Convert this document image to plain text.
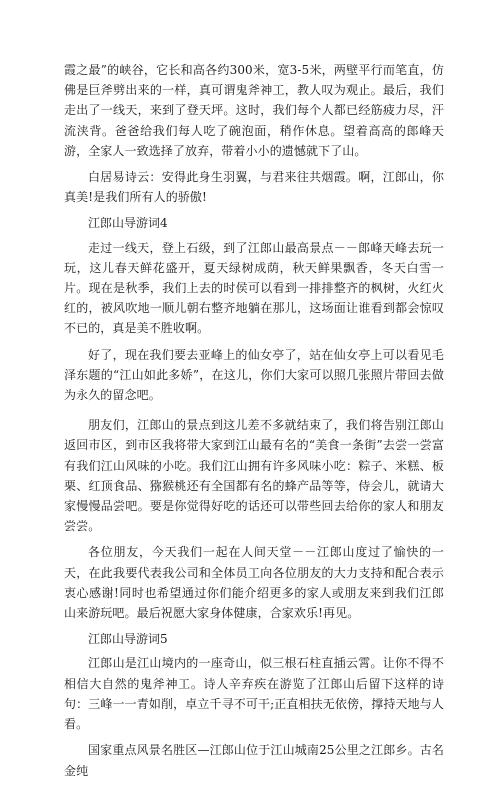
霞之最”的峡谷，它长和高各约300米，宽3-5米，两壁平行而笔直，仿佛是巨斧劈出来的一样，真可谓鬼斧神工，教人叹为观止。最后，我们走出了一线天，来到了登天坪。这时，我们每个人都已经筋疲力尽，汗流浃背。爸爸给我们每人吃了碗泡面，稍作休息。望着高高的郎峰天游，全家人一致选择了放弃，带着小小的遗憾就下了山。

白居易诗云：安得此身生羽翼，与君来往共烟霞。啊，江郎山，你真美!是我们所有人的骄傲!

江郎山导游词4

走过一线天，登上石级，到了江郎山最高景点－－郎峰天峰去玩一玩，这儿春天鲜花盛开，夏天绿树成荫，秋天鲜果飘香，冬天白雪一片。现在是秋季，我们上去的时侯可以看到一排排整齐的枫树，火红火红的，被风吹地一顺儿朝右整齐地躺在那儿，这场面让谁看到都会惊叹不已的，真是美不胜收啊。

好了，现在我们要去亚峰上的仙女亭了，站在仙女亭上可以看见毛泽东题的“江山如此多娇”，在这儿，你们大家可以照几张照片带回去做为永久的留念吧。

朋友们，江郎山的景点到这儿差不多就结束了，我们将告别江郎山返回市区，到市区我将带大家到江山最有名的“美食一条街”去尝一尝富有我们江山风味的小吃。我们江山拥有许多风味小吃：粽子、米糕、板栗、红顶食品、猕猴桃还有全国都有名的蜂产品等等，侍会儿，就请大家慢慢品尝吧。要是你觉得好吃的话还可以带些回去给你的家人和朋友尝尝。

各位朋友，今天我们一起在人间天堂－－江郎山度过了愉快的一天，在此我要代表我公司和全体员工向各位朋友的大力支持和配合表示衷心感谢!同时也希望通过你们能介绍更多的家人或朋友来到我们江郎山来游玩吧。最后祝愿大家身体健康，合家欢乐!再见。

江郎山导游词5

江郎山是江山境内的一座奇山，似三根石柱直插云霄。让你不得不相信大自然的鬼斧神工。诗人辛弃疾在游览了江郎山后留下这样的诗句：三峰一一青如削，卓立千寻不可干;正直相扶无依傍，撑持天地与人看。

国家重点风景名胜区—江郎山位于江山城南25公里之江郎乡。古名金纯
